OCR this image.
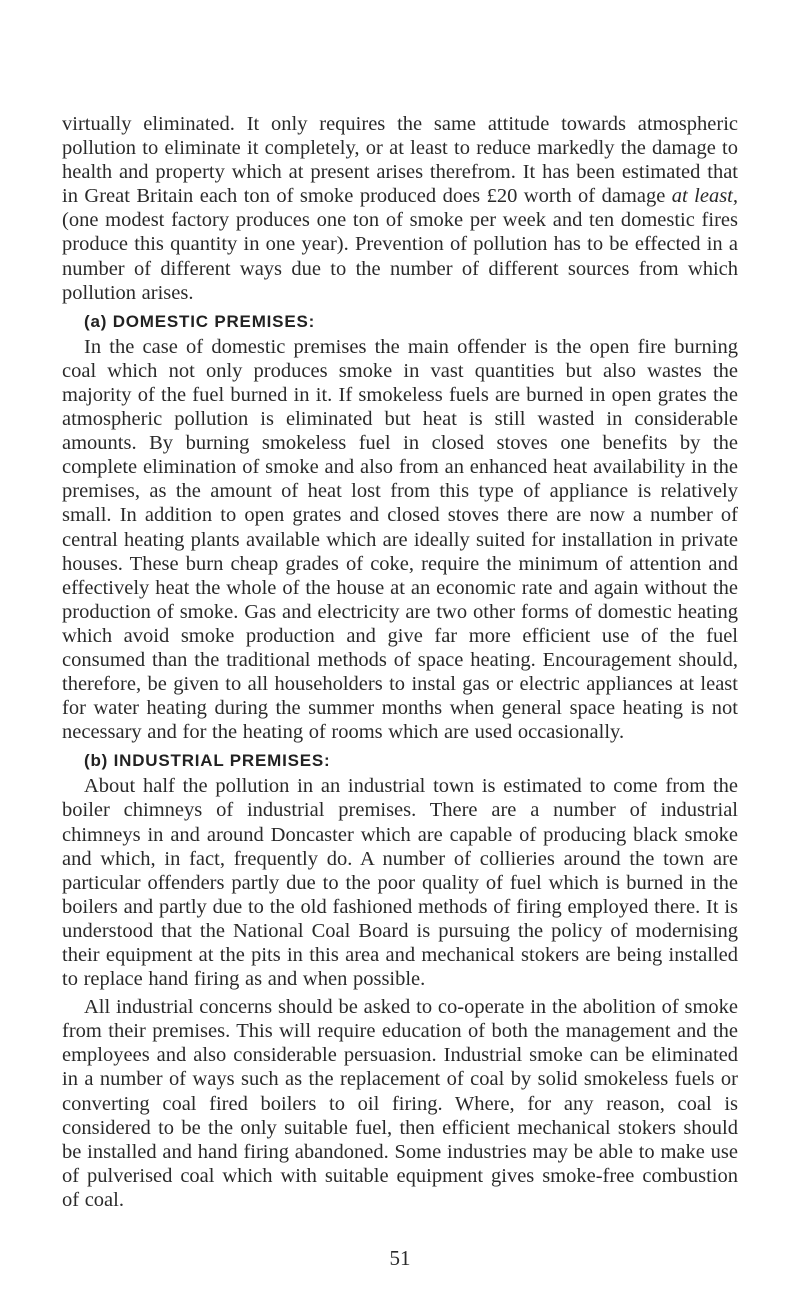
virtually eliminated. It only requires the same attitude towards atmospheric pollution to eliminate it completely, or at least to reduce markedly the damage to health and property which at present arises therefrom. It has been estimated that in Great Britain each ton of smoke produced does £20 worth of damage at least, (one modest factory produces one ton of smoke per week and ten domestic fires produce this quantity in one year). Prevention of pollution has to be effected in a number of different ways due to the number of different sources from which pollution arises.

(a) DOMESTIC PREMISES:

In the case of domestic premises the main offender is the open fire burning coal which not only produces smoke in vast quantities but also wastes the majority of the fuel burned in it. If smokeless fuels are burned in open grates the atmospheric pollution is eliminated but heat is still wasted in considerable amounts. By burning smokeless fuel in closed stoves one benefits by the complete elimination of smoke and also from an enhanced heat availability in the premises, as the amount of heat lost from this type of appliance is relatively small. In addition to open grates and closed stoves there are now a number of central heating plants available which are ideally suited for installation in private houses. These burn cheap grades of coke, require the minimum of attention and effectively heat the whole of the house at an economic rate and again without the production of smoke. Gas and electricity are two other forms of domestic heating which avoid smoke production and give far more efficient use of the fuel consumed than the traditional methods of space heating. Encouragement should, therefore, be given to all householders to instal gas or electric appliances at least for water heating during the summer months when general space heating is not necessary and for the heating of rooms which are used occasionally.

(b) INDUSTRIAL PREMISES:

About half the pollution in an industrial town is estimated to come from the boiler chimneys of industrial premises. There are a number of industrial chimneys in and around Doncaster which are capable of producing black smoke and which, in fact, frequently do. A number of collieries around the town are particular offenders partly due to the poor quality of fuel which is burned in the boilers and partly due to the old fashioned methods of firing employed there. It is understood that the National Coal Board is pursuing the policy of modernising their equipment at the pits in this area and mechanical stokers are being installed to replace hand firing as and when possible.

All industrial concerns should be asked to co-operate in the abolition of smoke from their premises. This will require education of both the management and the employees and also considerable persuasion. Industrial smoke can be eliminated in a number of ways such as the replacement of coal by solid smokeless fuels or converting coal fired boilers to oil firing. Where, for any reason, coal is considered to be the only suitable fuel, then efficient mechanical stokers should be installed and hand firing abandoned. Some industries may be able to make use of pulverised coal which with suitable equipment gives smoke-free combustion of coal.

51
